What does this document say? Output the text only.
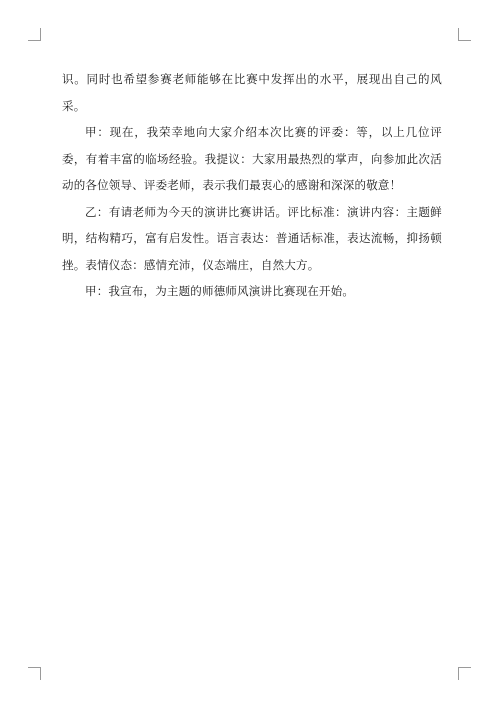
识。同时也希望参赛老师能够在比赛中发挥出的水平，展现出自己的风采。

甲：现在，我荣幸地向大家介绍本次比赛的评委：等，以上几位评委，有着丰富的临场经验。我提议：大家用最热烈的掌声，向参加此次活动的各位领导、评委老师，表示我们最衷心的感谢和深深的敬意！

乙：有请老师为今天的演讲比赛讲话。评比标准：演讲内容：主题鲜明，结构精巧，富有启发性。语言表达：普通话标准，表达流畅，抑扬顿挫。表情仪态：感情充沛，仪态端庄，自然大方。

甲：我宣布，为主题的师德师风演讲比赛现在开始。
